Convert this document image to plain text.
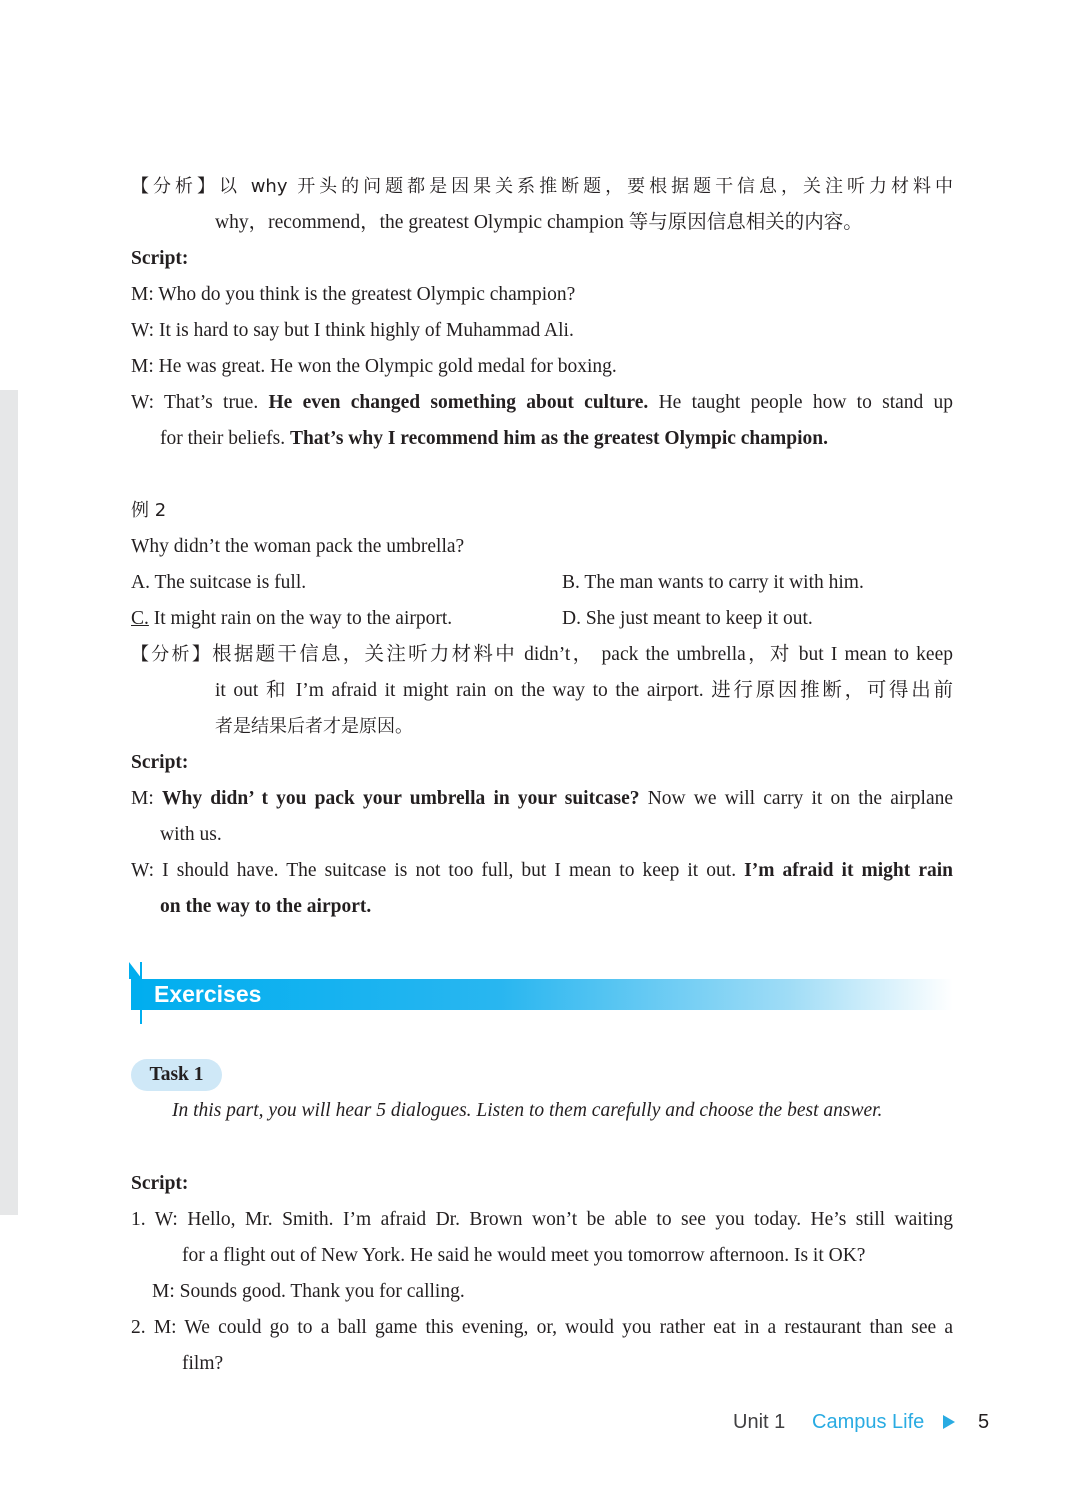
【分析】以 why 开头的问题都是因果关系推断题，要根据题干信息，关注听力材料中
why，recommend，the greatest Olympic champion 等与原因信息相关的内容。
Script:
M: Who do you think is the greatest Olympic champion?
W: It is hard to say but I think highly of Muhammad Ali.
M: He was great. He won the Olympic gold medal for boxing.
W: That’s true. He even changed something about culture. He taught people how to stand up
for their beliefs. That’s why I recommend him as the greatest Olympic champion.
例 2
Why didn’t the woman pack the umbrella?
A. The suitcase is full.	B. The man wants to carry it with him.
C. It might rain on the way to the airport.	D. She just meant to keep it out.
【分析】根据题干信息，关注听力材料中 didn’t， pack the umbrella，对 but I mean to keep
it out 和 I’m afraid it might rain on the way to the airport. 进行原因推断，可得出前
者是结果后者才是原因。
Script:
M: Why didn’ t you pack your umbrella in your suitcase? Now we will carry it on the airplane
with us.
W: I should have. The suitcase is not too full, but I mean to keep it out. I’m afraid it might rain
on the way to the airport.
Exercises
Task 1
In this part, you will hear 5 dialogues. Listen to them carefully and choose the best answer.
Script:
1. W: Hello, Mr. Smith. I’m afraid Dr. Brown won’t be able to see you today. He’s still waiting
for a flight out of New York. He said he would meet you tomorrow afternoon. Is it OK?
M: Sounds good. Thank you for calling.
2. M: We could go to a ball game this evening, or, would you rather eat in a restaurant than see a
film?
Unit 1 Campus Life	5
